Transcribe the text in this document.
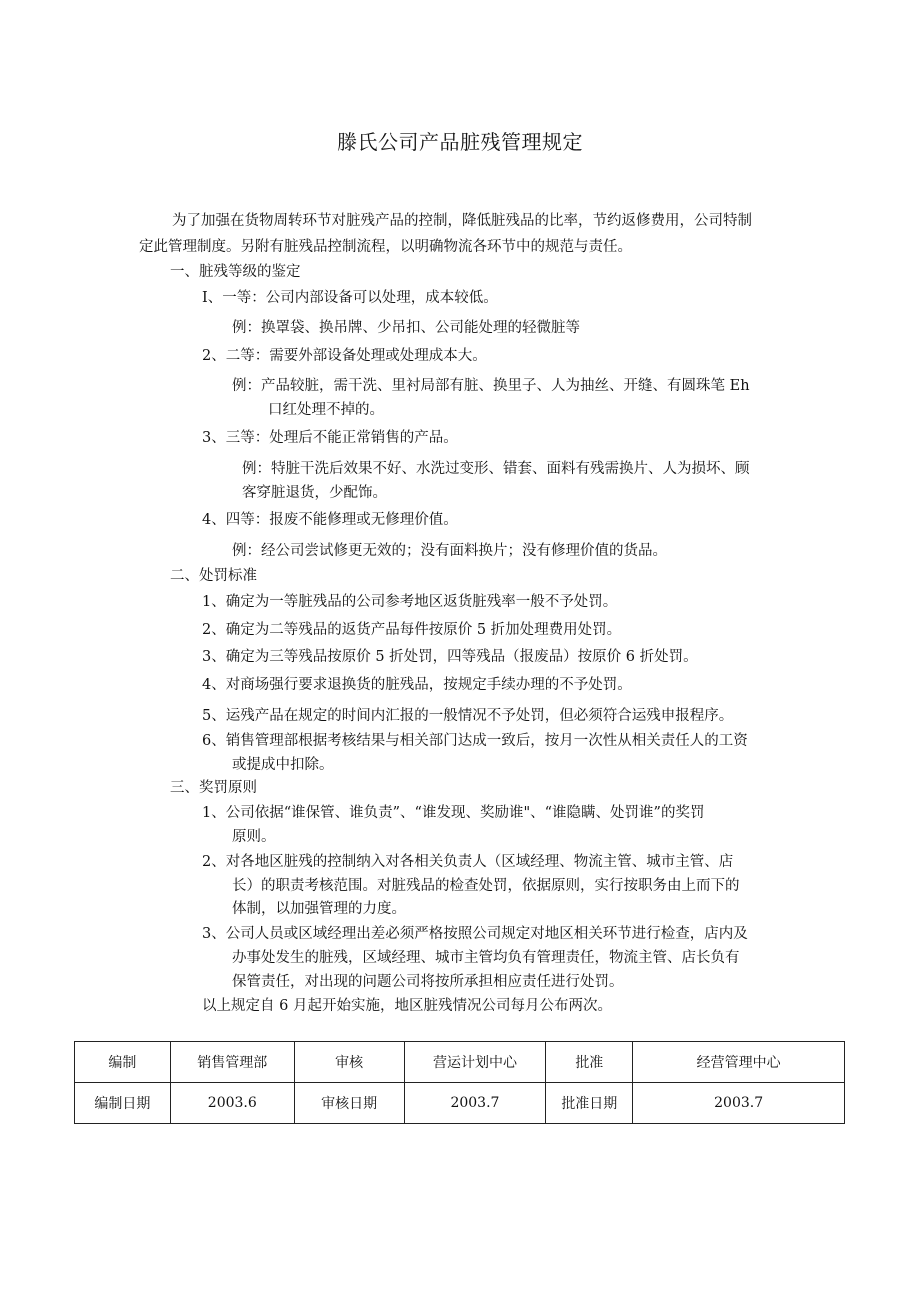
滕氏公司产品脏残管理规定
为了加强在货物周转环节对脏残产品的控制，降低脏残品的比率，节约返修费用，公司特制
定此管理制度。另附有脏残品控制流程，以明确物流各环节中的规范与责任。
一、脏残等级的鉴定
I、一等：公司内部设备可以处理，成本较低。
例：换罩袋、换吊牌、少吊扣、公司能处理的轻微脏等
2、二等：需要外部设备处理或处理成本大。
例：产品较脏，需干洗、里衬局部有脏、换里子、人为抽丝、开缝、有圆珠笔 Eh
口红处理不掉的。
3、三等：处理后不能正常销售的产品。
例：特脏干洗后效果不好、水洗过变形、错套、面料有残需换片、人为损坏、顾
客穿脏退货，少配饰。
4、四等：报废不能修理或无修理价值。
例：经公司尝试修更无效的；没有面料换片；没有修理价值的货品。
二、处罚标准
1、确定为一等脏残品的公司参考地区返货脏残率一般不予处罚。
2、确定为二等残品的返货产品每件按原价 5 折加处理费用处罚。
3、确定为三等残品按原价 5 折处罚，四等残品（报废品）按原价 6 折处罚。
4、对商场强行要求退换货的脏残品，按规定手续办理的不予处罚。
5、运残产品在规定的时间内汇报的一般情况不予处罚，但必须符合运残申报程序。
6、销售管理部根据考核结果与相关部门达成一致后，按月一次性从相关责任人的工资
或提成中扣除。
三、奖罚原则
1、公司依据“谁保管、谁负责”、“谁发现、奖励谁"、“谁隐瞒、处罚谁”的奖罚
原则。
2、对各地区脏残的控制纳入对各相关负责人（区域经理、物流主管、城市主管、店
长）的职责考核范围。对脏残品的检查处罚，依据原则，实行按职务由上而下的
体制，以加强管理的力度。
3、公司人员或区域经理出差必须严格按照公司规定对地区相关环节进行检查，店内及
办事处发生的脏残，区域经理、城市主管均负有管理责任，物流主管、店长负有
保管责任，对出现的问题公司将按所承担相应责任进行处罚。
以上规定自 6 月起开始实施，地区脏残情况公司每月公布两次。
编制	销售管理部	审核	营运计划中心	批准	经营管理中心
编制日期	2003.6	审核日期	2003.7	批准日期	2003.7
